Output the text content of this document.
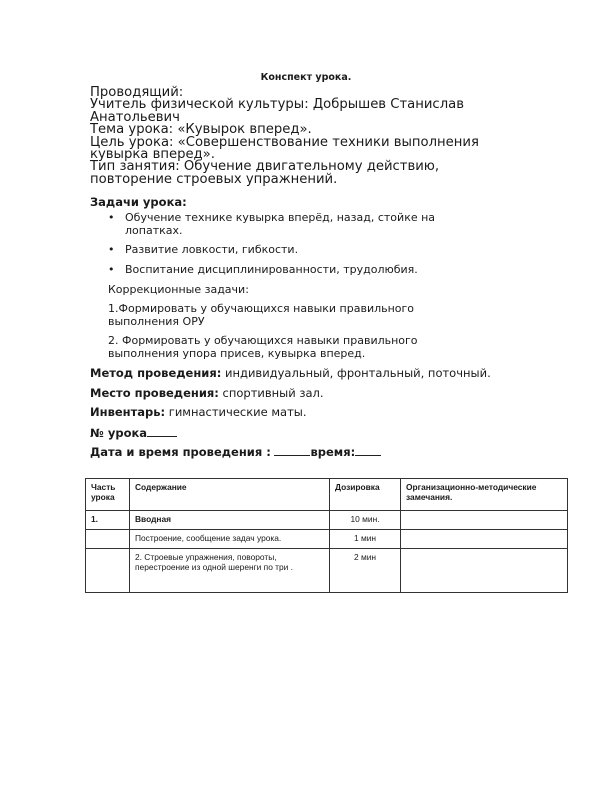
Конспект урока.
Проводящий:
Учитель физической культуры: Добрышев Станислав
Анатольевич
Тема урока: «Кувырок вперед».
Цель урока: «Совершенствование техники выполнения
кувырка вперед».
Тип занятия: Обучение двигательному действию,
повторение строевых упражнений.
Задачи урока:
• Обучение технике кувырка вперёд, назад, стойке на лопатках.
• Развитие ловкости, гибкости.
• Воспитание дисциплинированности, трудолюбия.
Коррекционные задачи:
1.Формировать у обучающихся навыки правильного выполнения ОРУ
2. Формировать у обучающихся навыки правильного выполнения упора присев, кувырка вперед.
Метод проведения: индивидуальный, фронтальный, поточный.
Место проведения: спортивный зал.
Инвентарь: гимнастические маты.
№ урока
Дата и время проведения :	время:
Часть урока	Содержание	Дозировка	Организационно-методические замечания.
1.	Вводная	10 мин.	
	Построение, сообщение задач урока.	1 мин	
	2. Строевые упражнения, повороты, перестроение из одной шеренги по три .	2 мин	
